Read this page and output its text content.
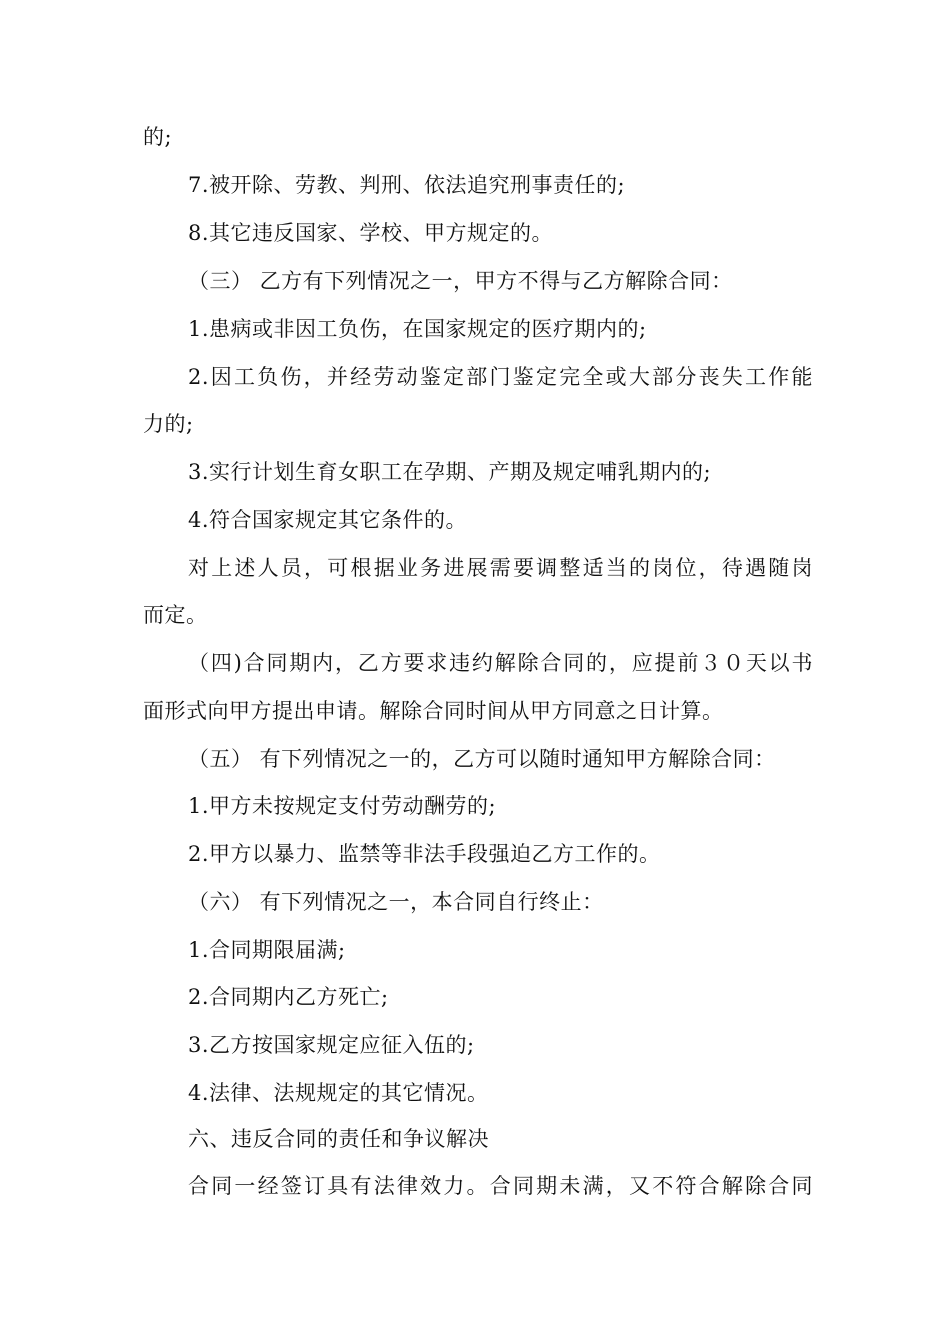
的;
7.被开除、劳教、判刑、依法追究刑事责任的;
8.其它违反国家、学校、甲方规定的。
（三） 乙方有下列情况之一，甲方不得与乙方解除合同：
1.患病或非因工负伤，在国家规定的医疗期内的;
2.因工负伤，并经劳动鉴定部门鉴定完全或大部分丧失工作能
力的;
3.实行计划生育女职工在孕期、产期及规定哺乳期内的;
4.符合国家规定其它条件的。
对上述人员，可根据业务进展需要调整适当的岗位，待遇随岗
而定。
（四)合同期内，乙方要求违约解除合同的，应提前３０天以书
面形式向甲方提出申请。解除合同时间从甲方同意之日计算。
（五） 有下列情况之一的，乙方可以随时通知甲方解除合同：
1.甲方未按规定支付劳动酬劳的;
2.甲方以暴力、监禁等非法手段强迫乙方工作的。
（六） 有下列情况之一，本合同自行终止：
1.合同期限届满;
2.合同期内乙方死亡;
3.乙方按国家规定应征入伍的;
4.法律、法规规定的其它情况。
六、违反合同的责任和争议解决
合同一经签订具有法律效力。合同期未满，又不符合解除合同
